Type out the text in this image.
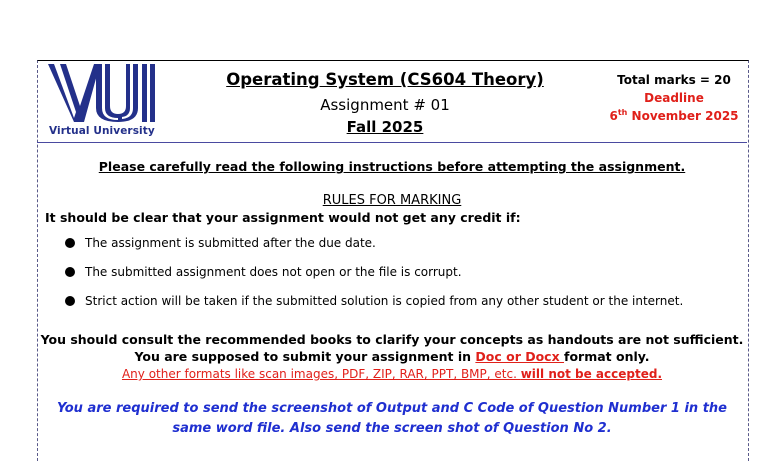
Virtual University
Operating System (CS604 Theory)
Assignment # 01
Fall 2025
Total marks = 20
Deadline
6th November 2025
Please carefully read the following instructions before attempting the assignment.
RULES FOR MARKING
It should be clear that your assignment would not get any credit if:
The assignment is submitted after the due date.
The submitted assignment does not open or the file is corrupt.
Strict action will be taken if the submitted solution is copied from any other student or the internet.
You should consult the recommended books to clarify your concepts as handouts are not sufficient.
You are supposed to submit your assignment in Doc or Docx format only.
Any other formats like scan images, PDF, ZIP, RAR, PPT, BMP, etc. will not be accepted.
You are required to send the screenshot of Output and C Code of Question Number 1 in the same word file. Also send the screen shot of Question No 2.
